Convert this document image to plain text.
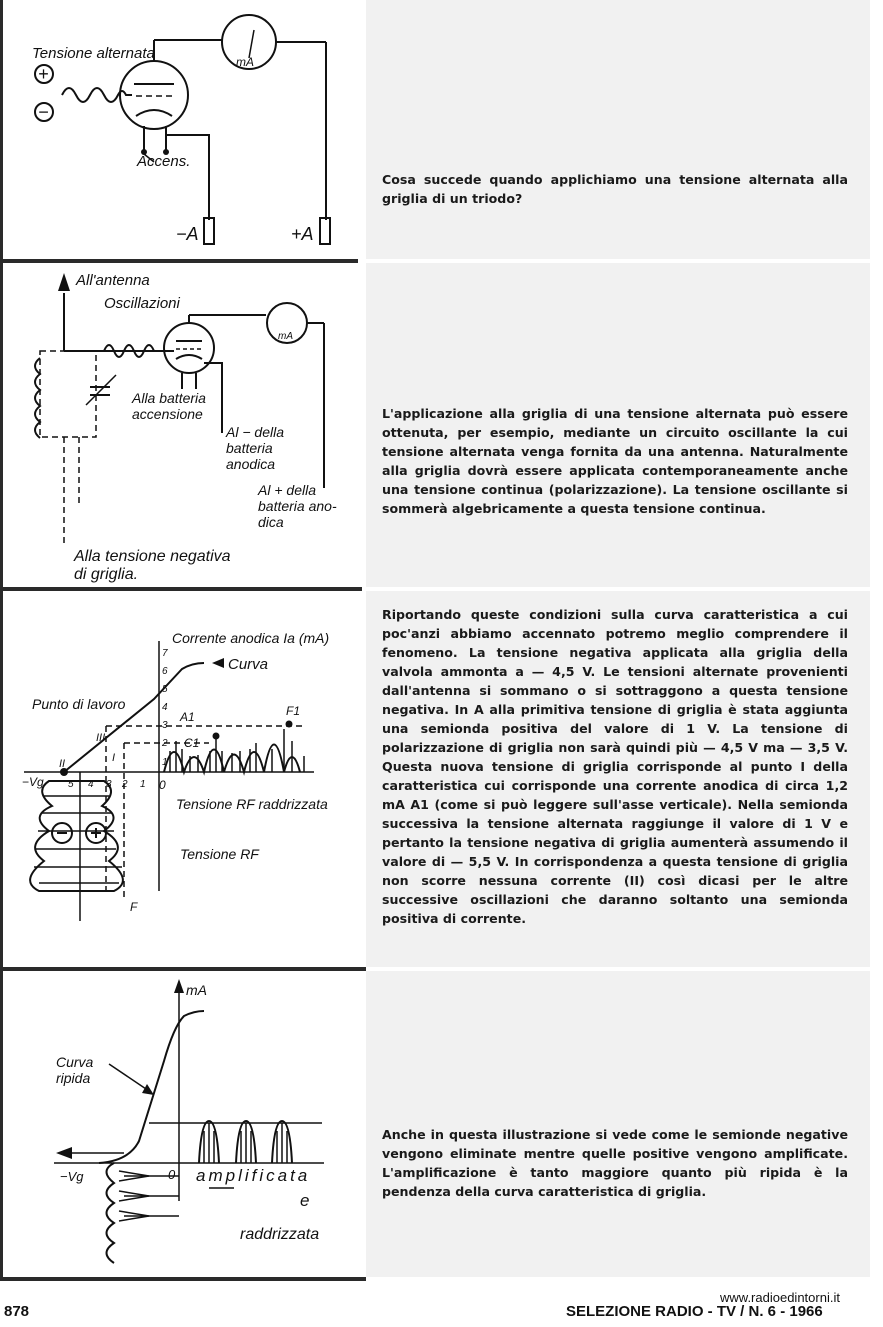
+
−
Tensione alternata	mA
Accens.
−A	+A

Cosa succede quando applichiamo una tensione alternata alla griglia di un triodo?

All'antenna
Oscillazioni
mA
Alla batteria
accensione
Al − della
batteria
anodica
Al + della
batteria ano-
dica
Alla tensione negativa
di griglia.

L'applicazione alla griglia di una tensione alternata può essere ottenuta, per esempio, mediante un circuito oscillante la cui tensione alternata venga fornita da una antenna. Naturalmente alla griglia dovrà essere applicata contemporaneamente anche una tensione continua (polarizzazione). La tensione oscillante si sommerà algebricamente a questa tensione continua.

1
2
3
4
5
6
7
5 4 3 2 1 0
Corrente anodica Ia (mA)
Curva
Punto di lavoro
−Vg
A1
C1
F1
F
II
III
I
Tensione RF raddrizzata
Tensione RF

Riportando queste condizioni sulla curva caratteristica a cui poc'anzi abbiamo accennato potremo meglio comprendere il fenomeno. La tensione negativa applicata alla griglia della valvola ammonta a — 4,5 V. Le tensioni alternate provenienti dall'antenna si sommano o si sottraggono a questa tensione negativa. In A alla primitiva tensione di griglia è stata aggiunta una semionda positiva del valore di 1 V. La tensione di polarizzazione di griglia non sarà quindi più — 4,5 V ma — 3,5 V. Questa nuova tensione di griglia corrisponde al punto I della caratteristica cui corrisponde una corrente anodica di circa 1,2 mA A1 (come si può leggere sull'asse verticale). Nella semionda successiva la tensione alternata raggiunge il valore di 1 V e pertanto la tensione negativa di griglia aumenterà assumendo il valore di — 5,5 V. In corrispondenza a questa tensione di griglia non scorre nessuna corrente (II) così dicasi per le altre successive oscillazioni che daranno soltanto una semionda positiva di corrente.

mA
Curva
ripida
−Vg	0 amplificata
e
raddrizzata

Anche in questa illustrazione si vede come le semionde negative vengono eliminate mentre quelle positive vengono amplificate. L'amplificazione è tanto maggiore quanto più ripida è la pendenza della curva caratteristica di griglia.

878
www.radioedintorni.it
SELEZIONE RADIO - TV / N. 6 - 1966
